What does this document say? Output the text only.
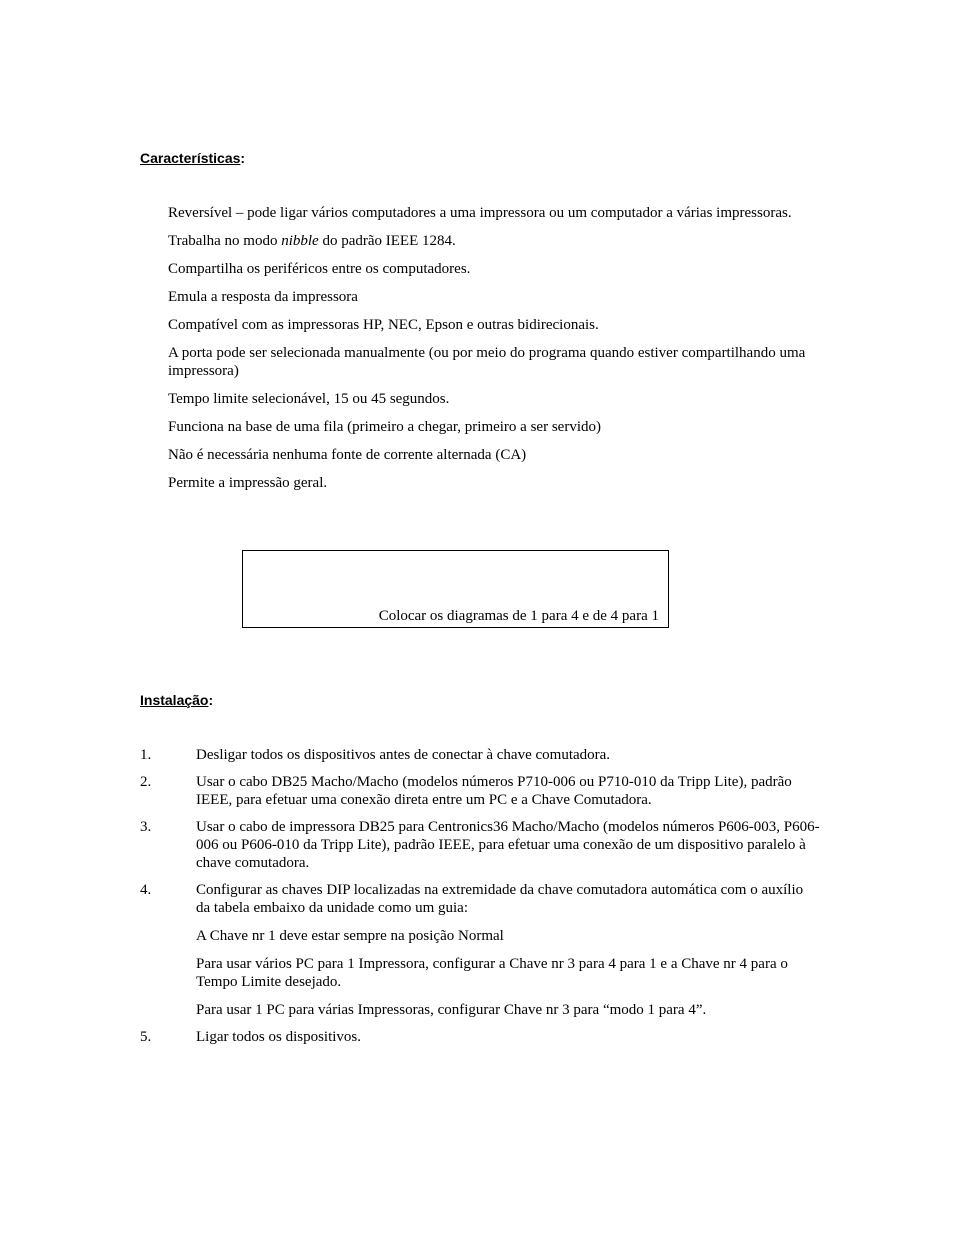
Características:
Reversível – pode ligar vários computadores a uma impressora ou um computador a várias impressoras.
Trabalha no modo nibble do padrão IEEE 1284.
Compartilha os periféricos entre os computadores.
Emula a resposta da impressora
Compatível com as impressoras HP, NEC, Epson e outras bidirecionais.
A porta pode ser selecionada manualmente (ou por meio do programa quando estiver compartilhando uma impressora)
Tempo limite selecionável, 15 ou 45 segundos.
Funciona na base de uma fila (primeiro a chegar, primeiro a ser servido)
Não é necessária nenhuma fonte de corrente alternada (CA)
Permite a impressão geral.
Colocar os diagramas de 1 para 4 e de 4 para 1
Instalação:
1.	Desligar todos os dispositivos antes de conectar à chave comutadora.
2.	Usar o cabo DB25 Macho/Macho (modelos números P710-006 ou P710-010 da Tripp Lite), padrão IEEE, para efetuar uma conexão direta entre um PC e a Chave Comutadora.
3.	Usar o cabo de impressora DB25 para Centronics36 Macho/Macho (modelos números P606-003, P606-006 ou P606-010 da Tripp Lite), padrão IEEE, para efetuar uma conexão de um dispositivo paralelo à chave comutadora.
4.	Configurar as chaves DIP localizadas na extremidade da chave comutadora automática com o auxílio da tabela embaixo da unidade como um guia:
A Chave nr 1 deve estar sempre na posição Normal
Para usar vários PC para 1 Impressora, configurar a Chave nr 3 para 4 para 1 e a Chave nr 4 para o Tempo Limite desejado.
Para usar 1 PC para várias Impressoras, configurar Chave nr 3 para “modo 1 para 4”.
5.	Ligar todos os dispositivos.
